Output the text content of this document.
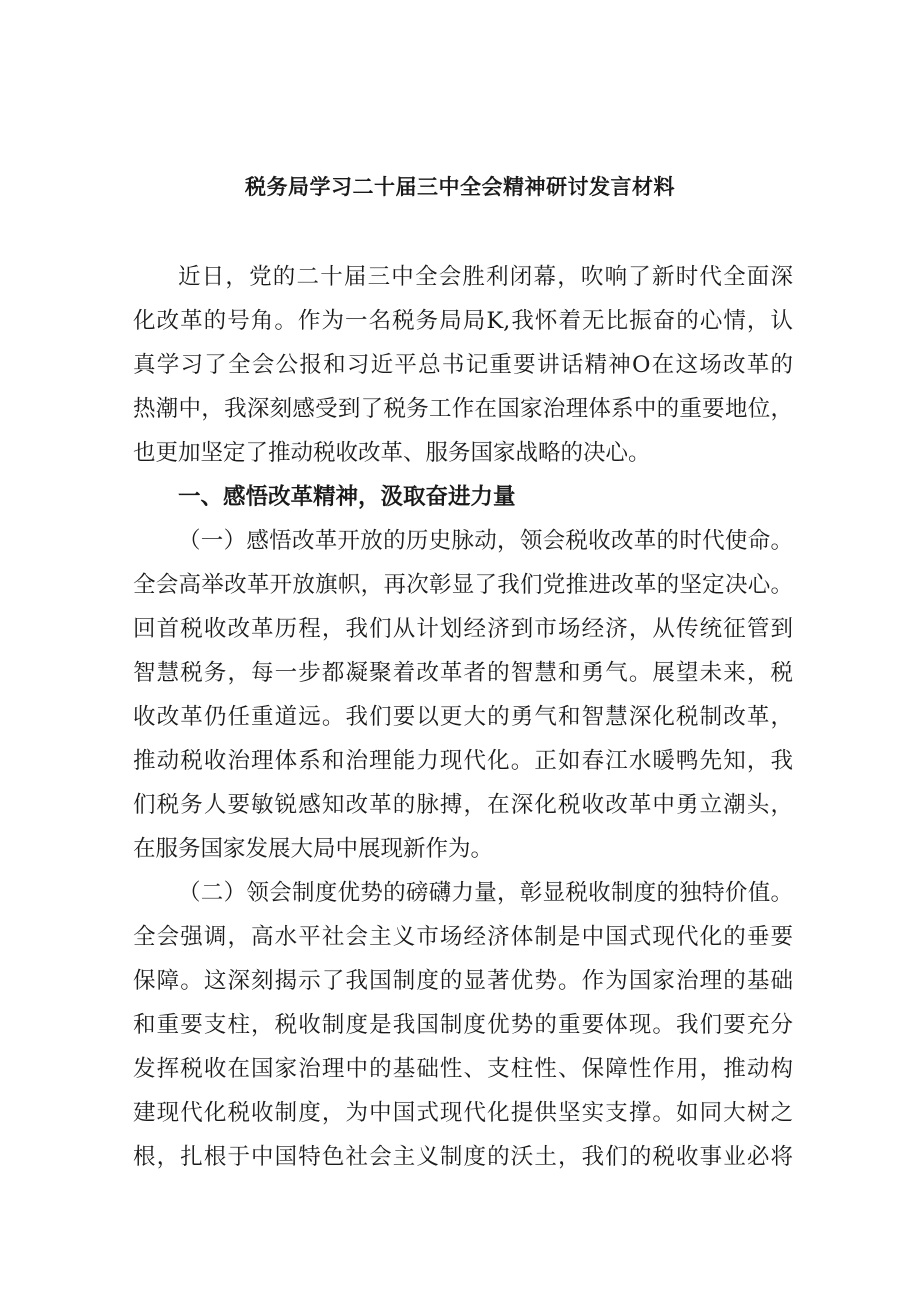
税务局学习二十届三中全会精神研讨发言材料
近日，党的二十届三中全会胜利闭幕，吹响了新时代全面深
化改革的号角。作为一名税务局局K,我怀着无比振奋的心情，认
真学习了全会公报和习近平总书记重要讲话精神O在这场改革的
热潮中，我深刻感受到了税务工作在国家治理体系中的重要地位，
也更加坚定了推动税收改革、服务国家战略的决心。
一、感悟改革精神，汲取奋进力量
（一）感悟改革开放的历史脉动，领会税收改革的时代使命。
全会高举改革开放旗帜，再次彰显了我们党推进改革的坚定决心。
回首税收改革历程，我们从计划经济到市场经济，从传统征管到
智慧税务，每一步都凝聚着改革者的智慧和勇气。展望未来，税
收改革仍任重道远。我们要以更大的勇气和智慧深化税制改革，
推动税收治理体系和治理能力现代化。正如春江水暖鸭先知，我
们税务人要敏锐感知改革的脉搏，在深化税收改革中勇立潮头，
在服务国家发展大局中展现新作为。
（二）领会制度优势的磅礴力量，彰显税收制度的独特价值。
全会强调，高水平社会主义市场经济体制是中国式现代化的垂要
保障。这深刻揭示了我国制度的显著优势。作为国家治理的基础
和重要支柱，税收制度是我国制度优势的重要体现。我们要充分
发挥税收在国家治理中的基础性、支柱性、保障性作用，推动构
建现代化税收制度，为中国式现代化提供坚实支撑。如同大树之
根，扎根于中国特色社会主义制度的沃土，我们的税收事业必将
